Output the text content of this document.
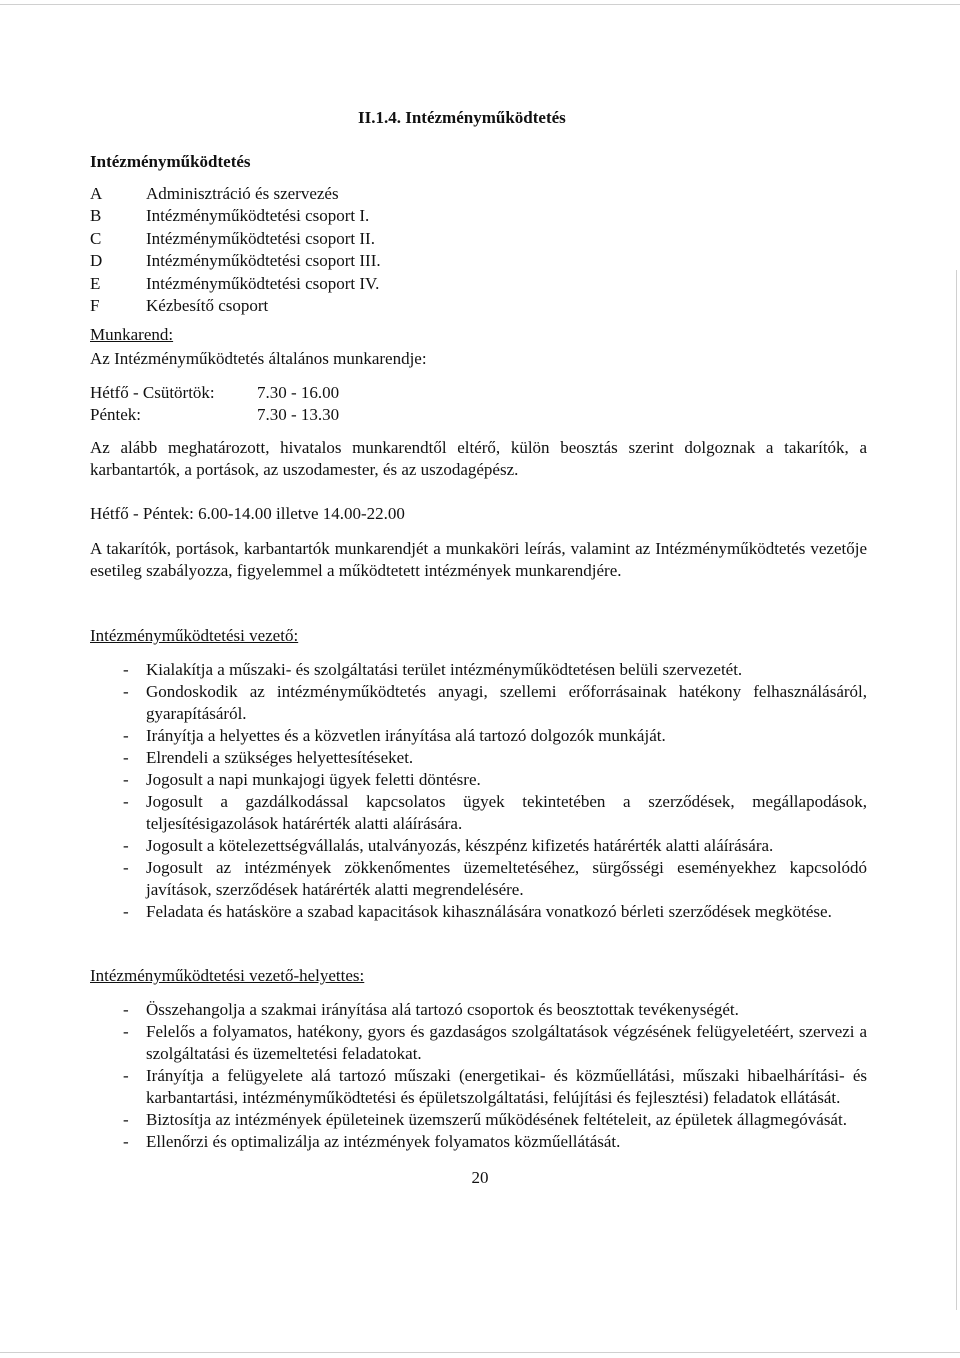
II.1.4. Intézményműködtetés
Intézményműködtetés
A	Adminisztráció és szervezés
B	Intézményműködtetési csoport I.
C	Intézményműködtetési csoport II.
D	Intézményműködtetési csoport III.
E	Intézményműködtetési csoport IV.
F	Kézbesítő csoport
Munkarend:
Az Intézményműködtetés általános munkarendje:
Hétfő - Csütörtök: 7.30 - 16.00
Péntek:	7.30 - 13.30
Az alább meghatározott, hivatalos munkarendtől eltérő, külön beosztás szerint dolgoznak a takarítók, a karbantartók, a portások, az uszodamester, és az uszodagépész.
Hétfő - Péntek: 6.00-14.00 illetve 14.00-22.00
A takarítók, portások, karbantartók munkarendjét a munkaköri leírás, valamint az Intézményműködtetés vezetője esetileg szabályozza, figyelemmel a működtetett intézmények munkarendjére.
Intézményműködtetési vezető:
- Kialakítja a műszaki- és szolgáltatási terület intézményműködtetésen belüli szervezetét.
- Gondoskodik az intézményműködtetés anyagi, szellemi erőforrásainak hatékony felhasználásáról, gyarapításáról.
- Irányítja a helyettes és a közvetlen irányítása alá tartozó dolgozók munkáját.
- Elrendeli a szükséges helyettesítéseket.
- Jogosult a napi munkajogi ügyek feletti döntésre.
- Jogosult a gazdálkodással kapcsolatos ügyek tekintetében a szerződések, megállapodások, teljesítésigazolások határérték alatti aláírására.
- Jogosult a kötelezettségvállalás, utalványozás, készpénz kifizetés határérték alatti aláírására.
- Jogosult az intézmények zökkenőmentes üzemeltetéséhez, sürgősségi eseményekhez kapcsolódó javítások, szerződések határérték alatti megrendelésére.
- Feladata és hatásköre a szabad kapacitások kihasználására vonatkozó bérleti szerződések megkötése.
Intézményműködtetési vezető-helyettes:
- Összehangolja a szakmai irányítása alá tartozó csoportok és beosztottak tevékenységét.
- Felelős a folyamatos, hatékony, gyors és gazdaságos szolgáltatások végzésének felügyeletéért, szervezi a szolgáltatási és üzemeltetési feladatokat.
- Irányítja a felügyelete alá tartozó műszaki (energetikai- és közműellátási, műszaki hibaelhárítási- és karbantartási, intézményműködtetési és épületszolgáltatási, felújítási és fejlesztési) feladatok ellátását.
- Biztosítja az intézmények épületeinek üzemszerű működésének feltételeit, az épületek állagmegóvását.
- Ellenőrzi és optimalizálja az intézmények folyamatos közműellátását.
20
